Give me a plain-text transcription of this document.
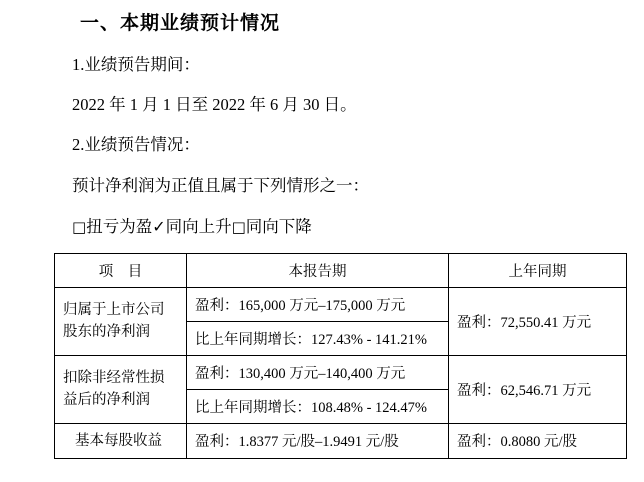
一、本期业绩预计情况

1.业绩预告期间：

2022 年 1 月 1 日至 2022 年 6 月 30 日。

2.业绩预告情况：

预计净利润为正值且属于下列情形之一：

□扭亏为盈✓同向上升□同向下降

项　目	本报告期	上年同期

归属于上市公司
股东的净利润	盈利：165,000 万元–175,000 万元	盈利：72,550.41 万元
	比上年同期增长：127.43% - 141.21%	

扣除非经常性损
益后的净利润	盈利：130,400 万元–140,400 万元	盈利：62,546.71 万元
	比上年同期增长：108.48% - 124.47%	
基本每股收益	盈利：1.8377 元/股–1.9491 元/股	盈利：0.8080 元/股
